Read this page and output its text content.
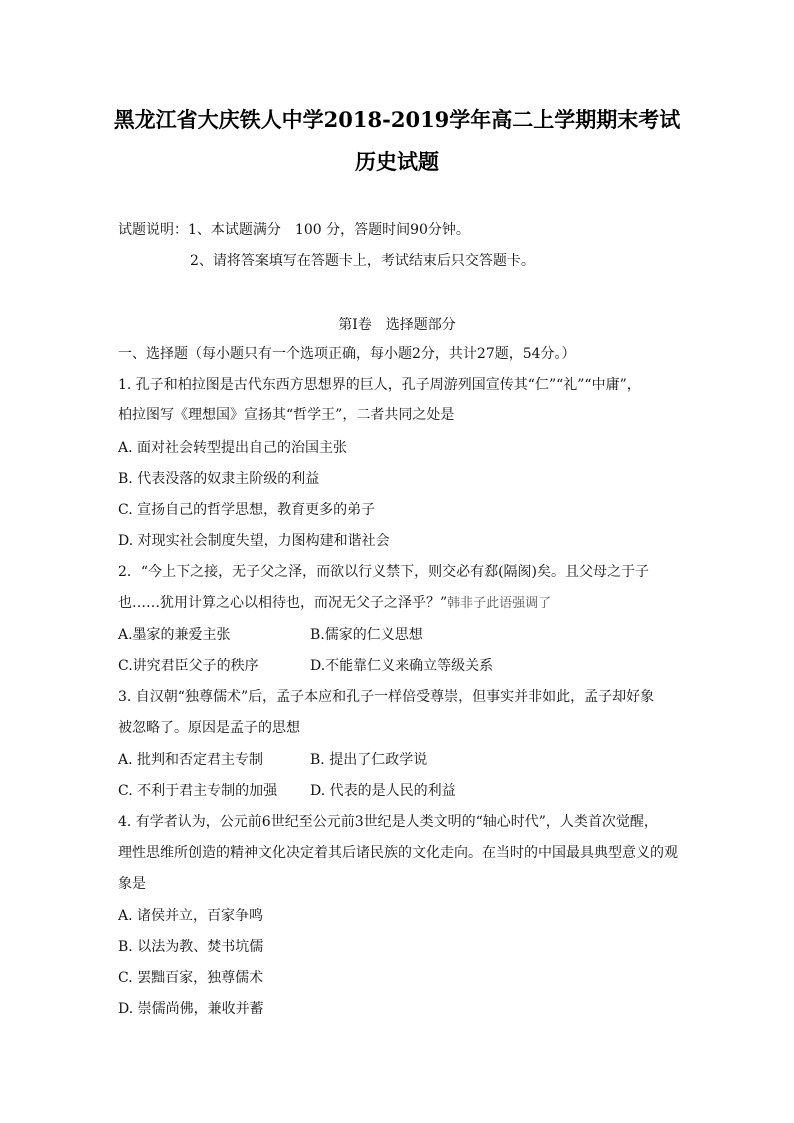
黑龙江省大庆铁人中学2018-2019学年高二上学期期末考试
历史试题
试题说明：1、本试题满分　100 分，答题时间90分钟。
2、请将答案填写在答题卡上，考试结束后只交答题卡。
第Ⅰ卷　选择题部分
一、选择题（每小题只有一个选项正确，每小题2分，共计27题，54分。）
1. 孔子和柏拉图是古代东西方思想界的巨人，孔子周游列国宣传其“仁”“礼”“中庸”，
柏拉图写《理想国》宣扬其“哲学王”，二者共同之处是
A. 面对社会转型提出自己的治国主张
B. 代表没落的奴隶主阶级的利益
C. 宣扬自己的哲学思想，教育更多的弟子
D. 对现实社会制度失望，力图构建和谐社会
2．“今上下之接，无子父之泽，而欲以行义禁下，则交必有郄(隔阂)矣。且父母之于子
也……犹用计算之心以相待也，而况无父子之泽乎？”韩非子此语强调了
A.墨家的兼爱主张	B.儒家的仁义思想
C.讲究君臣父子的秩序	D.不能靠仁义来确立等级关系
3. 自汉朝“独尊儒术”后，孟子本应和孔子一样倍受尊崇，但事实并非如此，孟子却好象
被忽略了。原因是孟子的思想
A. 批判和否定君主专制	B. 提出了仁政学说
C. 不利于君主专制的加强 D. 代表的是人民的利益
4. 有学者认为，公元前6世纪至公元前3世纪是人类文明的“轴心时代”，人类首次觉醒，
理性思维所创造的精神文化决定着其后诸民族的文化走向。在当时的中国最具典型意义的观
象是
A. 诸侯并立，百家争鸣
B. 以法为教、焚书坑儒
C. 罢黜百家，独尊儒术
D. 崇儒尚佛，兼收并蓄
